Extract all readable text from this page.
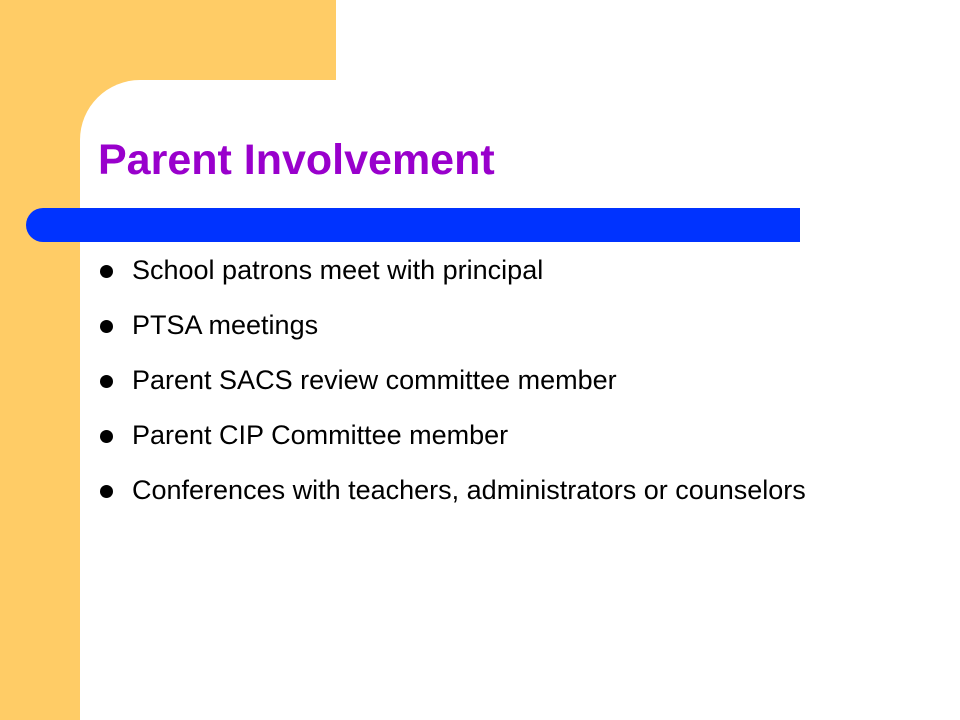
Parent Involvement
School patrons meet with principal
PTSA meetings
Parent SACS review committee member
Parent CIP Committee member
Conferences with teachers, administrators or counselors
